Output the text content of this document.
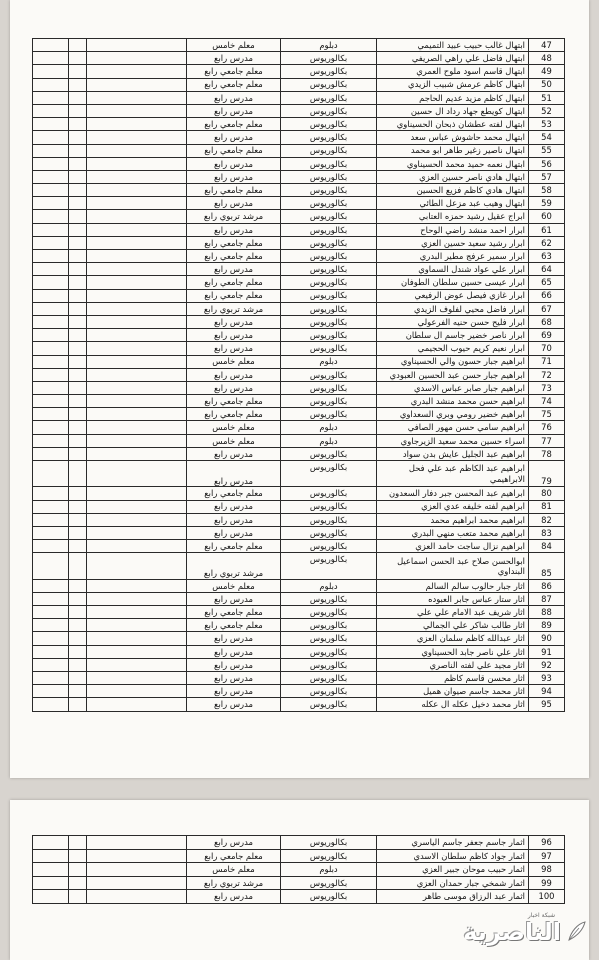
47	ابتهال غالب حبيب عبيد التميمي	دبلوم	معلم خامس			
48	ابتهال فاضل علي راهي الصريفي	بكالوريوس	مدرس رابع			
49	ابتهال قاسم اسود ملوح العمري	بكالوريوس	معلم جامعي رابع			
50	ابتهال كاظم عرمش شبيب الزيدي	بكالوريوس	معلم جامعي رابع			
51	ابتهال كاظم مزيد عديم الحاجم	بكالوريوس	مدرس رابع			
52	ابتهال كويطع جهاد رداد ال حسين	بكالوريوس	مدرس رابع			
53	ابتهال لفته عطشان ذبحان الحسيناوي	بكالوريوس	معلم جامعي رابع			
54	ابتهال محمد حاشوش عباس سعد	بكالوريوس	مدرس رابع			
55	ابتهال ناصير زغير طاهر ابو محمد	بكالوريوس	معلم جامعي رابع			
56	ابتهال نعمه حميد محمد الحسيناوي	بكالوريوس	مدرس رابع			
57	ابتهال هادي ناصر حسين العزي	بكالوريوس	مدرس رابع			
58	ابتهال هادي كاظم فزيع الحسين	بكالوريوس	معلم جامعي رابع			
59	ابتهال وهيب عبد مزعل الطائي	بكالوريوس	مدرس رابع			
60	ابراج عقيل رشيد حمزه العتابي	بكالوريوس	مرشد تربوي رابع			
61	ابرار احمد منشد راضي الوحاح	بكالوريوس	مدرس رابع			
62	ابرار رشيد سعيد حسين العزي	بكالوريوس	معلم جامعي رابع			
63	ابرار سمير عرفج مطير البدري	بكالوريوس	معلم جامعي رابع			
64	ابرار علي عواد شندل السماوي	بكالوريوس	مدرس رابع			
65	ابرار عيسى حسين سلطان الطوفان	بكالوريوس	معلم جامعي رابع			
66	ابرار غازي فيصل عوض الرفيعي	بكالوريوس	معلم جامعي رابع			
67	ابرار فاضل محيي لفلوف الزيدي	بكالوريوس	مرشد تربوي رابع			
68	ابرار فليح حسن حنيه الفرعولي	بكالوريوس	مدرس رابع			
69	ابرار ناصر خضير جاسم ال سلطان	بكالوريوس	مدرس رابع			
70	ابرار نعيم كريم حيوب الحجيمي	بكالوريوس	مدرس رابع			
71	ابراهيم جبار حسون والي الحسيناوي	دبلوم	معلم خامس			
72	ابراهيم جبار حسن عبد الحسين العبودي	بكالوريوس	مدرس رابع			
73	ابراهيم جبار صابر عباس الاسدي	بكالوريوس	مدرس رابع			
74	ابراهيم حسن محمد منشد البدري	بكالوريوس	معلم جامعي رابع			
75	ابراهيم خضير رومي وبري السعداوي	بكالوريوس	معلم جامعي رابع			
76	ابراهيم سامي حسن مهور الصافي	دبلوم	معلم خامس			
77	اسراء حسين محمد سعيد الزيرجاوي	دبلوم	معلم خامس			
78	ابراهيم عبد الجليل عايش بدن سواد	بكالوريوس	مدرس رابع			
79	ابراهيم عبد الكاظم عبد علي فحل الابراهيمي	بكالوريوس	مدرس رابع			
80	ابراهيم عبد المحسن جبر دفار السعدون	بكالوريوس	معلم جامعي رابع			
81	ابراهيم لفته خليفه عدي العزي	بكالوريوس	مدرس رابع			
82	ابراهيم محمد ابراهيم محمد	بكالوريوس	مدرس رابع			
83	ابراهيم محمد متعب منهي البدري	بكالوريوس	مدرس رابع			
84	ابراهيم نزال ساجت حامد العزي	بكالوريوس	معلم جامعي رابع			
85	ابوالحسن صلاح عبد الحسن اسماعيل البنداوي	بكالوريوس	مرشد تربوي رابع			
86	اثار جبار حالوب سالم السالم	دبلوم	معلم خامس			
87	اثار ستار عباس جابر العبوده	بكالوريوس	مدرس رابع			
88	اثار شريف عبد الامام علي علي	بكالوريوس	معلم جامعي رابع			
89	اثار طالب شاكر علي الجمالي	بكالوريوس	معلم جامعي رابع			
90	اثار عبدالله كاظم سلمان العزي	بكالوريوس	مدرس رابع			
91	اثار علي ناصر جابد الحسيناوي	بكالوريوس	مدرس رابع			
92	اثار مجيد علي لفته الناصري	بكالوريوس	مدرس رابع			
93	اثار محسن قاسم كاظم	بكالوريوس	مدرس رابع			
94	اثار محمد جاسم صيوان هميل	بكالوريوس	مدرس رابع			
95	اثار محمد دخيل عكله ال عكله	بكالوريوس	مدرس رابع			
96	اثمار جاسم جعفر جاسم الياسري	بكالوريوس	مدرس رابع			
97	اثمار جواد كاظم سلطان الاسدي	بكالوريوس	معلم جامعي رابع			
98	اثمار حبيب موحان جبير العزي	دبلوم	معلم خامس			
99	اثمار شمخي جبار حمدان العزي	بكالوريوس	مرشد تربوي رابع			
100	اثمار عبد الرزاق موسى طاهر	بكالوريوس	مدرس رابع			
شبكة اخبار
الناصرية
